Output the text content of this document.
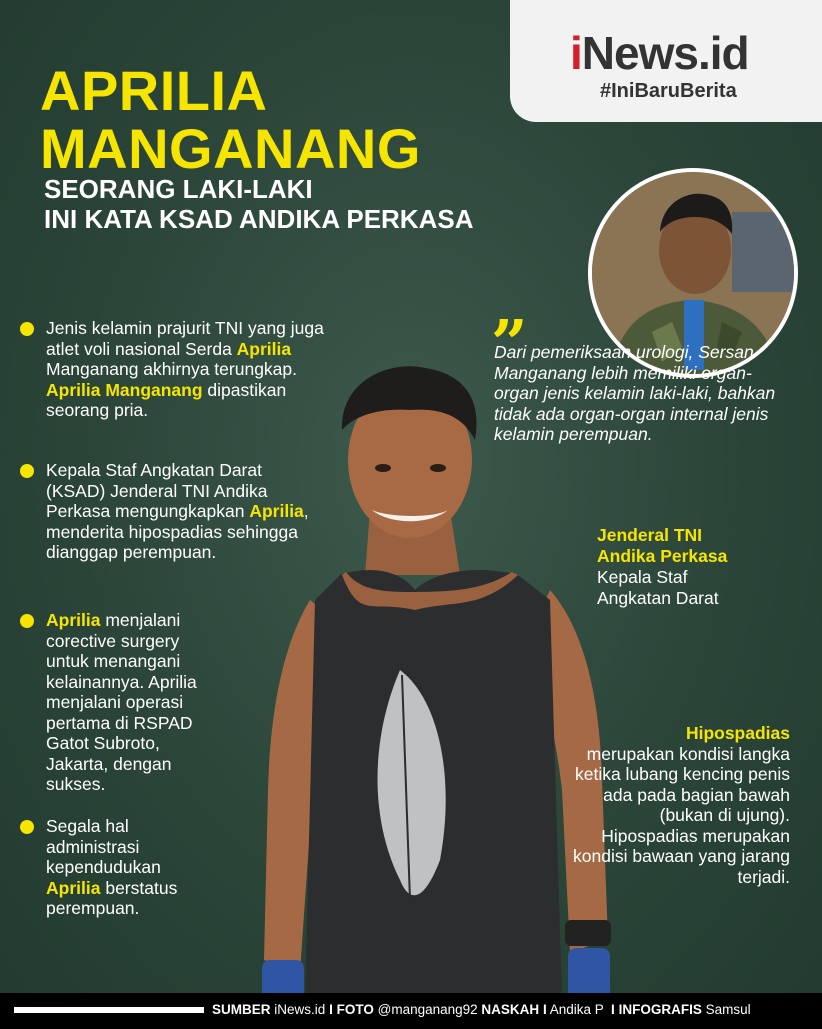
iNews.id
#IniBaruBerita
APRILIA
MANGANANG
SEORANG LAKI-LAKI
INI KATA KSAD ANDIKA PERKASA
Jenis kelamin prajurit TNI yang juga atlet voli nasional Serda Aprilia Manganang akhirnya terungkap. Aprilia Manganang dipastikan seorang pria.
Kepala Staf Angkatan Darat (KSAD) Jenderal TNI Andika Perkasa mengungkapkan Aprilia, menderita hipospadias sehingga dianggap perempuan.
Aprilia menjalani corective surgery untuk menangani kelainannya. Aprilia menjalani operasi pertama di RSPAD Gatot Subroto, Jakarta, dengan sukses.
Segala hal administrasi kependudukan Aprilia berstatus perempuan.
„

Dari pemeriksaan urologi, Sersan Manganang lebih memiliki organ-organ jenis kelamin laki-laki, bahkan tidak ada organ-organ internal jenis kelamin perempuan.

Jenderal TNI
Andika Perkasa
Kepala Staf
Angkatan Darat
Hipospadias
merupakan kondisi langka ketika lubang kencing penis ada pada bagian bawah (bukan di ujung). Hipospadias merupakan kondisi bawaan yang jarang terjadi.
SUMBER iNews.id I FOTO @manganang92 NASKAH I Andika P I INFOGRAFIS Samsul
